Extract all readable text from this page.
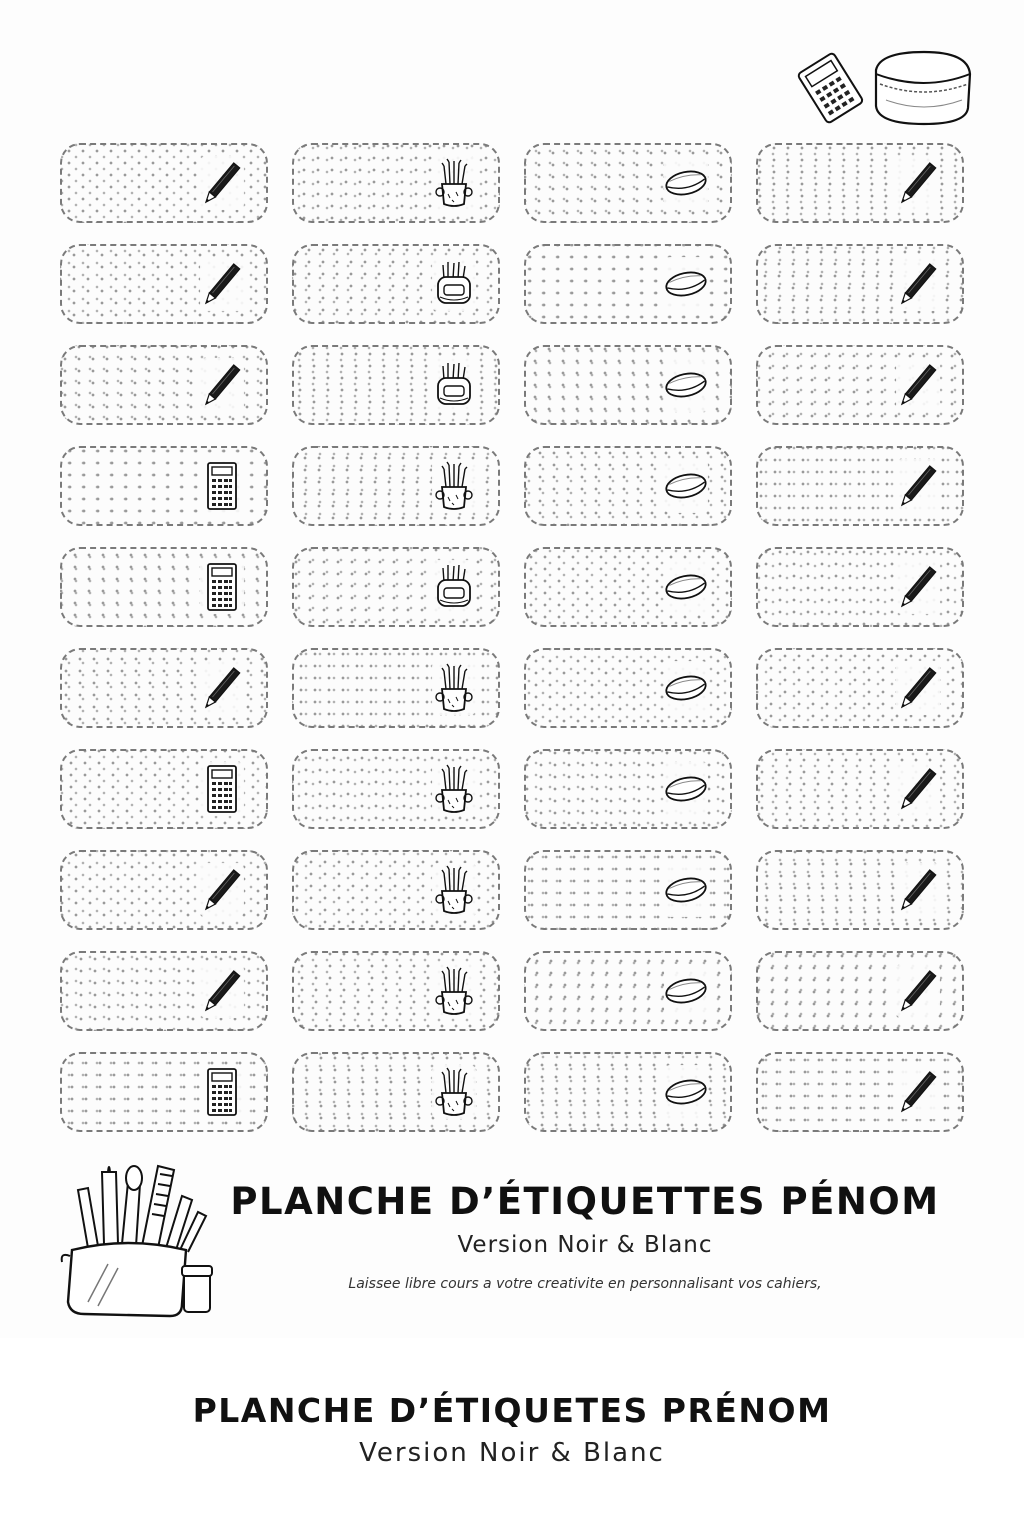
PLANCHE D’ÉTIQUETTES PÉNOM
Version Noir & Blanc
Laissee libre cours a votre creativite en personnalisant vos cahiers,
PLANCHE D’ÉTIQUETES PRÉNOM
Version Noir & Blanc
